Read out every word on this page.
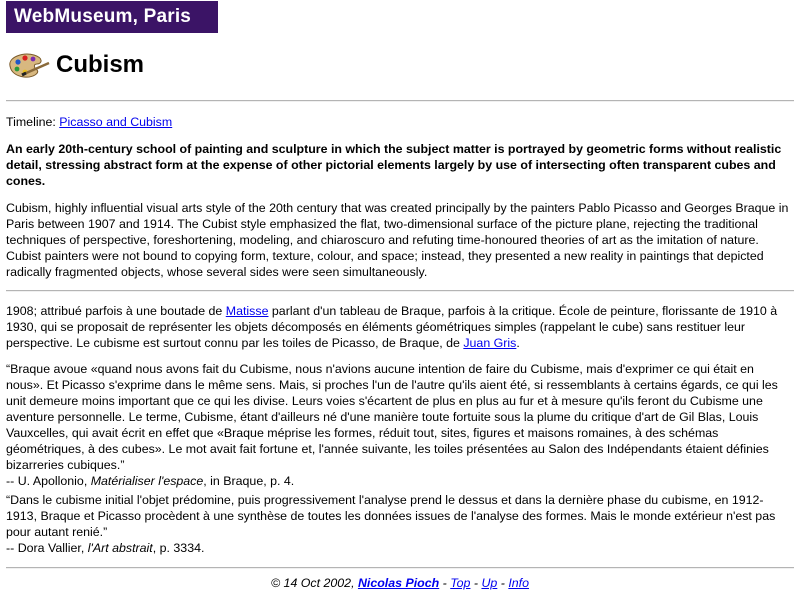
WebMuseum, Paris
Cubism
Timeline: Picasso and Cubism
An early 20th-century school of painting and sculpture in which the subject matter is portrayed by geometric forms without realistic detail, stressing abstract form at the expense of other pictorial elements largely by use of intersecting often transparent cubes and cones.
Cubism, highly influential visual arts style of the 20th century that was created principally by the painters Pablo Picasso and Georges Braque in Paris between 1907 and 1914. The Cubist style emphasized the flat, two-dimensional surface of the picture plane, rejecting the traditional techniques of perspective, foreshortening, modeling, and chiaroscuro and refuting time-honoured theories of art as the imitation of nature. Cubist painters were not bound to copying form, texture, colour, and space; instead, they presented a new reality in paintings that depicted radically fragmented objects, whose several sides were seen simultaneously.
1908; attribué parfois à une boutade de Matisse parlant d'un tableau de Braque, parfois à la critique. École de peinture, florissante de 1910 à 1930, qui se proposait de représenter les objets décomposés en éléments géométriques simples (rappelant le cube) sans restituer leur perspective. Le cubisme est surtout connu par les toiles de Picasso, de Braque, de Juan Gris.

“Braque avoue «quand nous avons fait du Cubisme, nous n'avions aucune intention de faire du Cubisme, mais d'exprimer ce qui était en nous». Et Picasso s'exprime dans le même sens. Mais, si proches l'un de l'autre qu'ils aient été, si ressemblants à certains égards, ce qui les unit demeure moins important que ce qui les divise. Leurs voies s'écartent de plus en plus au fur et à mesure qu'ils feront du Cubisme une aventure personnelle. Le terme, Cubisme, étant d'ailleurs né d'une manière toute fortuite sous la plume du critique d'art de Gil Blas, Louis Vauxcelles, qui avait écrit en effet que «Braque méprise les formes, réduit tout, sites, figures et maisons romaines, à des schémas géométriques, à des cubes». Le mot avait fait fortune et, l'année suivante, les toiles présentées au Salon des Indépendants étaient définies bizarreries cubiques.”

-- U. Apollonio, Matérialiser l'espace, in Braque, p. 4.

“Dans le cubisme initial l'objet prédomine, puis progressivement l'analyse prend le dessus et dans la dernière phase du cubisme, en 1912-1913, Braque et Picasso procèdent à une synthèse de toutes les données issues de l'analyse des formes. Mais le monde extérieur n'est pas pour autant renié.”

-- Dora Vallier, l'Art abstrait, p. 3334.

© 14 Oct 2002, Nicolas Pioch - Top - Up - Info
